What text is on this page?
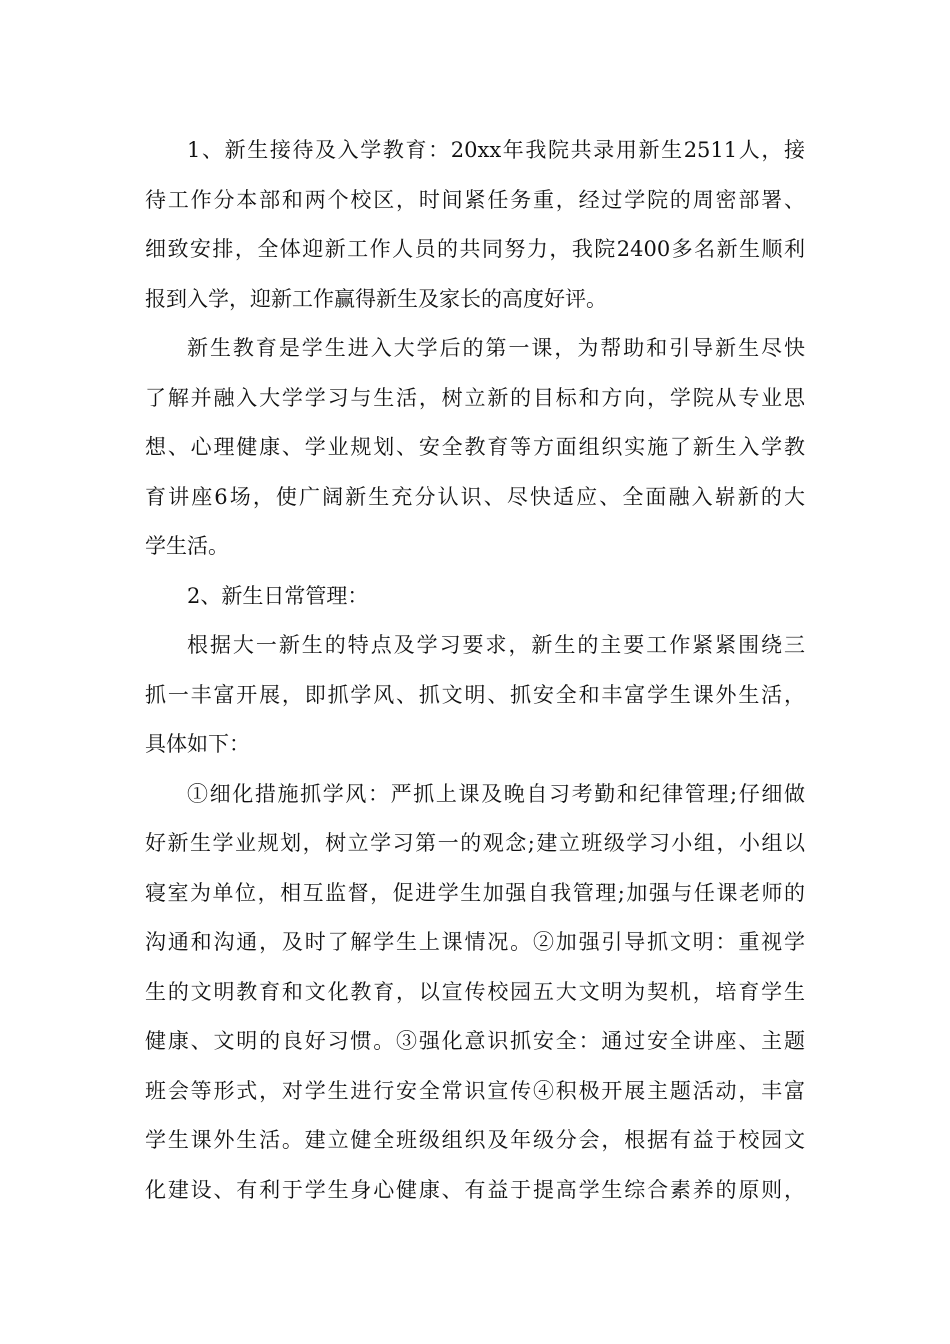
1、新生接待及入学教育：20xx年我院共录用新生2511人，接
待工作分本部和两个校区，时间紧任务重，经过学院的周密部署、
细致安排，全体迎新工作人员的共同努力，我院2400多名新生顺利
报到入学，迎新工作赢得新生及家长的高度好评。

新生教育是学生进入大学后的第一课，为帮助和引导新生尽快
了解并融入大学学习与生活，树立新的目标和方向，学院从专业思
想、心理健康、学业规划、安全教育等方面组织实施了新生入学教
育讲座6场，使广阔新生充分认识、尽快适应、全面融入崭新的大
学生活。

2、新生日常管理：

根据大一新生的特点及学习要求，新生的主要工作紧紧围绕三
抓一丰富开展，即抓学风、抓文明、抓安全和丰富学生课外生活，
具体如下：

①细化措施抓学风：严抓上课及晚自习考勤和纪律管理;仔细做
好新生学业规划，树立学习第一的观念;建立班级学习小组，小组以
寝室为单位，相互监督，促进学生加强自我管理;加强与任课老师的
沟通和沟通，及时了解学生上课情况。②加强引导抓文明：重视学
生的文明教育和文化教育，以宣传校园五大文明为契机，培育学生
健康、文明的良好习惯。③强化意识抓安全：通过安全讲座、主题
班会等形式，对学生进行安全常识宣传④积极开展主题活动，丰富
学生课外生活。建立健全班级组织及年级分会，根据有益于校园文
化建设、有利于学生身心健康、有益于提高学生综合素养的原则，
